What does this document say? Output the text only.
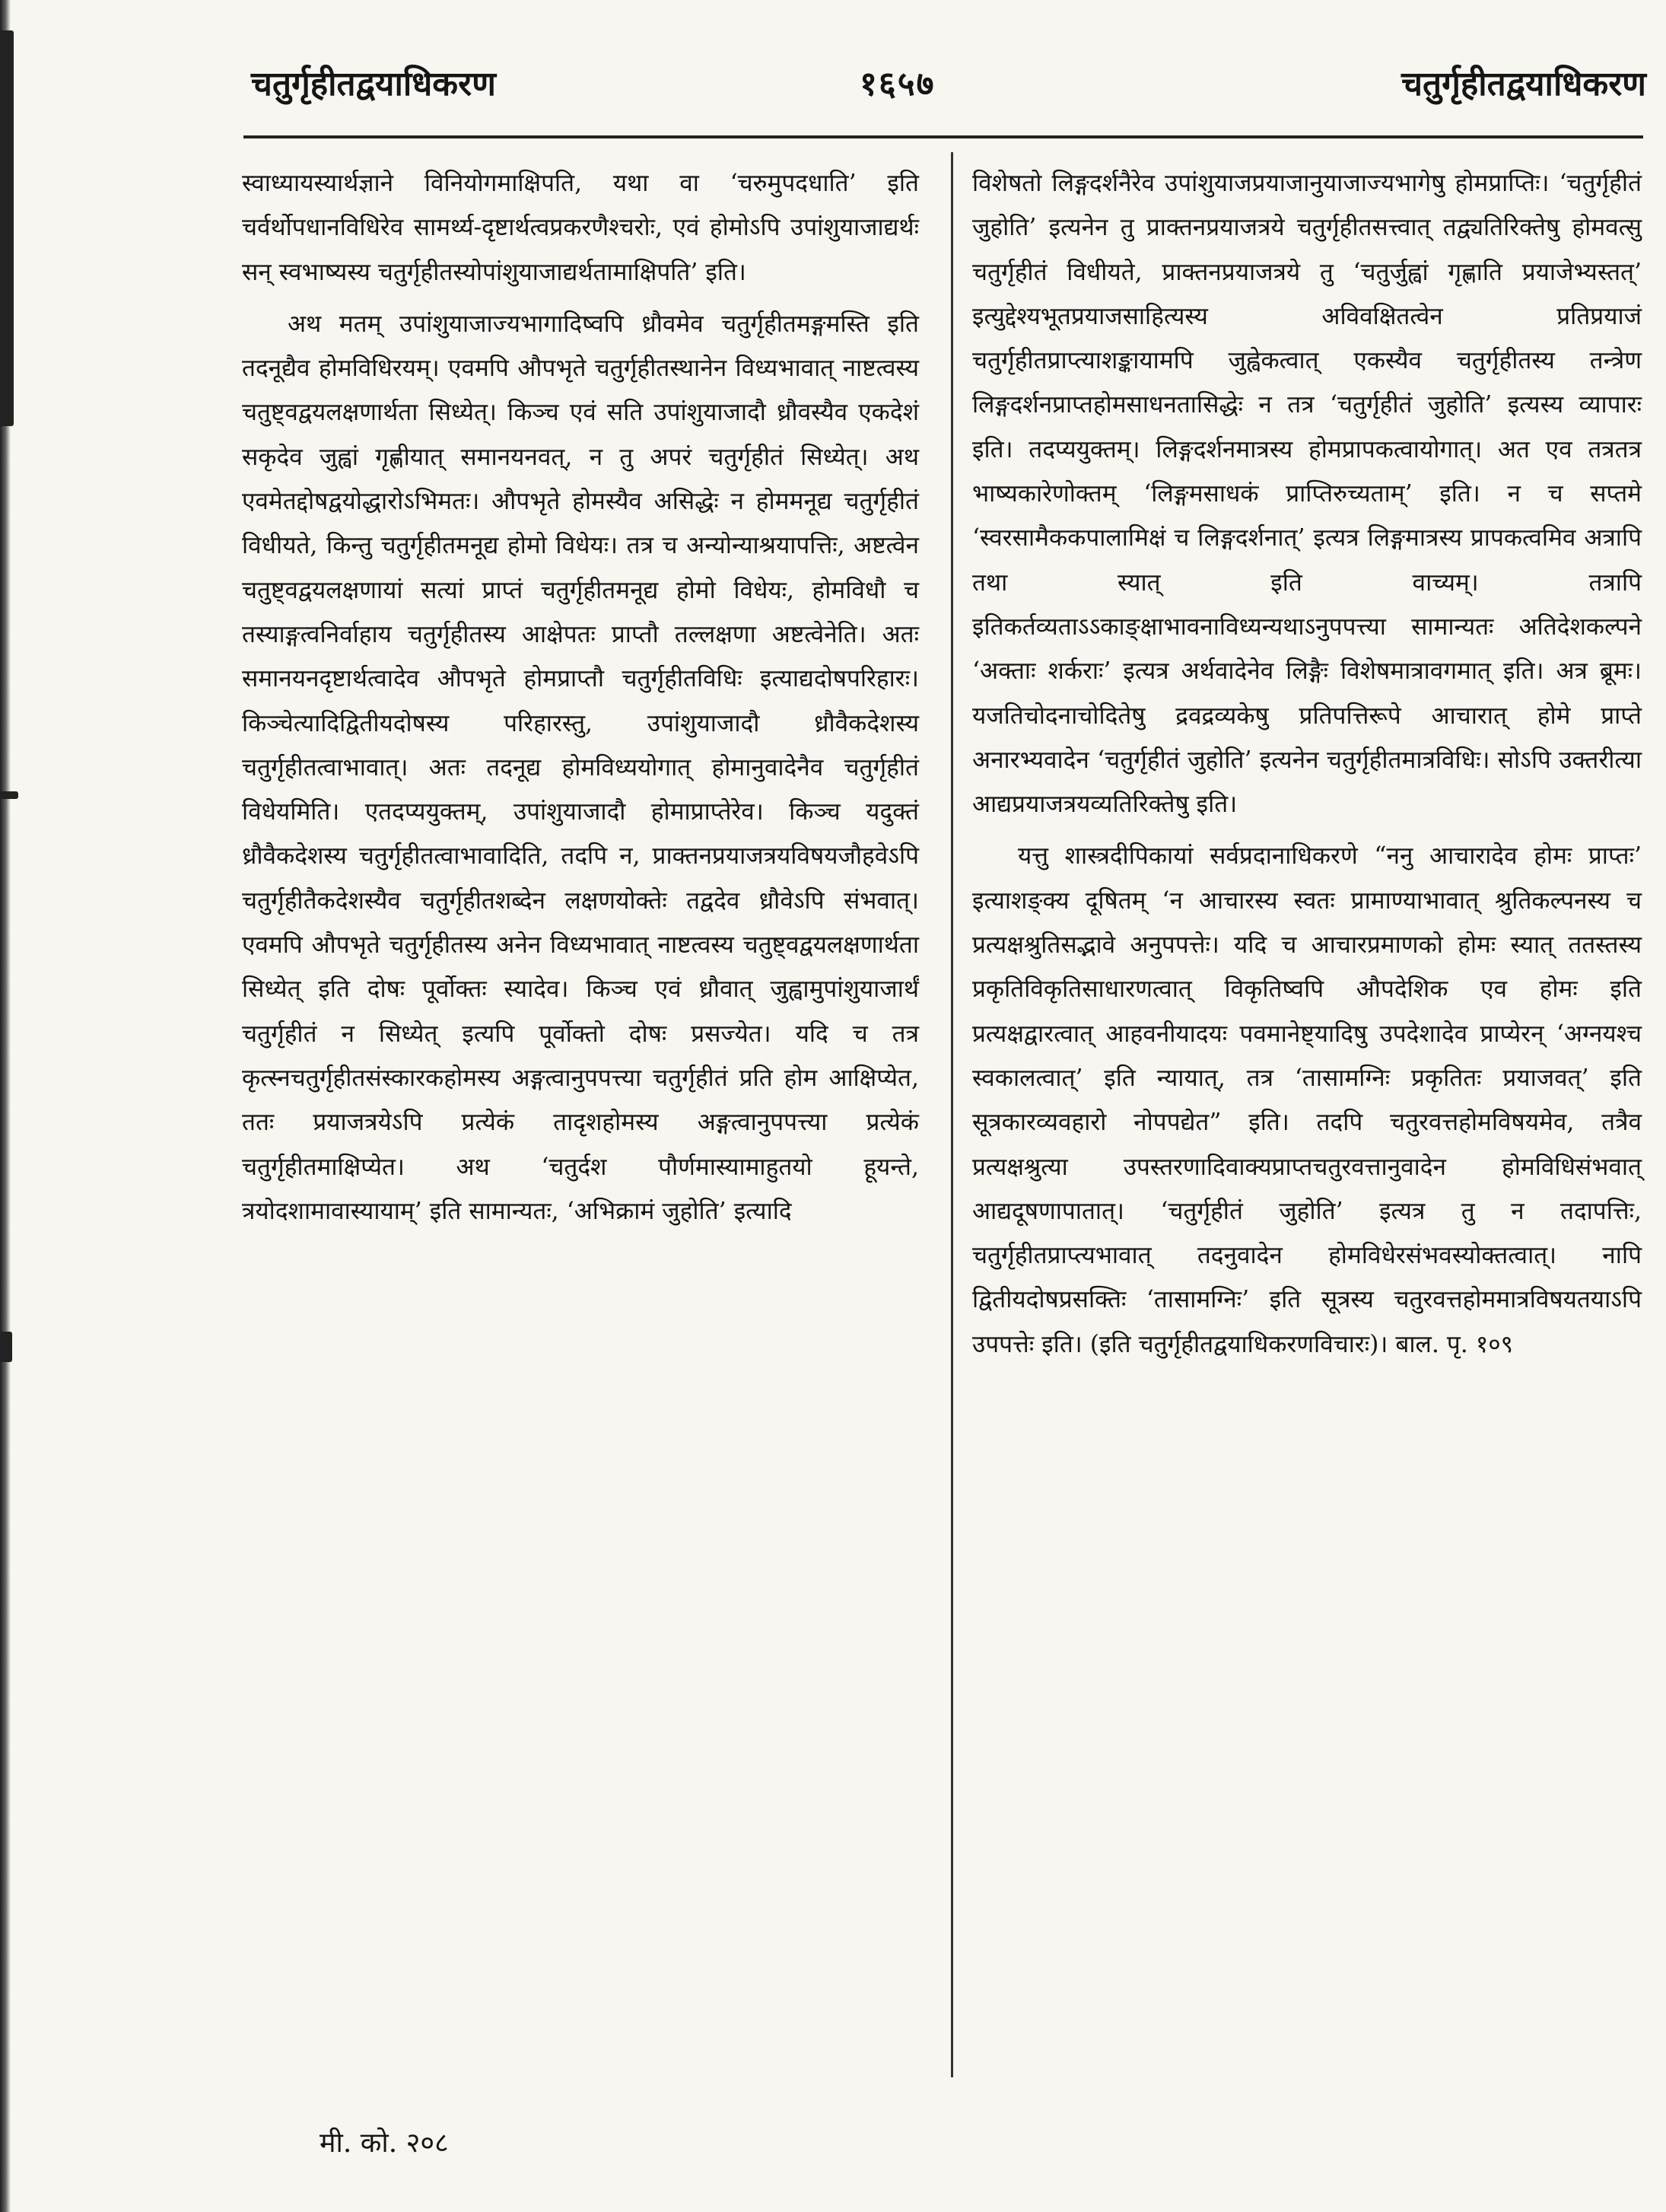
चतुर्गृहीतद्वयाधिकरण	१६५७	चतुर्गृहीतद्वयाधिकरण

स्वाध्यायस्यार्थज्ञाने विनियोगमाक्षिपति, यथा वा ‘चरुमुपदधाति’ इति चर्वर्थोपधानविधिरेव सामर्थ्य-दृष्टार्थत्वप्रकरणैश्चरोः, एवं होमोऽपि उपांशुयाजाद्यर्थः सन् स्वभाष्यस्य चतुर्गृहीतस्योपांशुयाजाद्यर्थतामाक्षिपति’ इति।

अथ मतम् उपांशुयाजाज्यभागादिष्वपि ध्रौवमेव चतुर्गृहीतमङ्गमस्ति इति तदनूद्यैव होमविधिरयम्। एवमपि औपभृते चतुर्गृहीतस्थानेन विध्यभावात् नाष्टत्वस्य चतुष्ट्वद्वयलक्षणार्थता सिध्येत्। किञ्च एवं सति उपांशुयाजादौ ध्रौवस्यैव एकदेशं सकृदेव जुह्वां गृह्णीयात् समानयनवत्, न तु अपरं चतुर्गृहीतं सिध्येत्। अथ एवमेतद्दोषद्वयोद्धारोऽभिमतः। औपभृते होमस्यैव असिद्धेः न होममनूद्य चतुर्गृहीतं विधीयते, किन्तु चतुर्गृहीतमनूद्य होमो विधेयः। तत्र च अन्योन्याश्रयापत्तिः, अष्टत्वेन चतुष्ट्वद्वयलक्षणायां सत्यां प्राप्तं चतुर्गृहीतमनूद्य होमो विधेयः, होमविधौ च तस्याङ्गत्वनिर्वाहाय चतुर्गृहीतस्य आक्षेपतः प्राप्तौ तल्लक्षणा अष्टत्वेनेति। अतः समानयनदृष्टार्थत्वादेव औपभृते होमप्राप्तौ चतुर्गृहीतविधिः इत्याद्यदोषपरिहारः। किञ्चेत्यादिद्वितीयदोषस्य परिहारस्तु, उपांशुयाजादौ ध्रौवैकदेशस्य चतुर्गृहीतत्वाभावात्। अतः तदनूद्य होमविध्ययोगात् होमानुवादेनैव चतुर्गृहीतं विधेयमिति। एतदप्ययुक्तम्, उपांशुयाजादौ होमाप्राप्तेरेव। किञ्च यदुक्तं ध्रौवैकदेशस्य चतुर्गृहीतत्वाभावादिति, तदपि न, प्राक्तनप्रयाजत्रयविषयजौहवेऽपि चतुर्गृहीतैकदेशस्यैव चतुर्गृहीतशब्देन लक्षणयोक्तेः तद्वदेव ध्रौवेऽपि संभवात्। एवमपि औपभृते चतुर्गृहीतस्य अनेन विध्यभावात् नाष्टत्वस्य चतुष्ट्वद्वयलक्षणार्थता सिध्येत् इति दोषः पूर्वोक्तः स्यादेव। किञ्च एवं ध्रौवात् जुह्वामुपांशुयाजार्थं चतुर्गृहीतं न सिध्येत् इत्यपि पूर्वोक्तो दोषः प्रसज्येत। यदि च तत्र कृत्स्नचतुर्गृहीतसंस्कारकहोमस्य अङ्गत्वानुपपत्त्या चतुर्गृहीतं प्रति होम आक्षिप्येत, ततः प्रयाजत्रयेऽपि प्रत्येकं तादृशहोमस्य अङ्गत्वानुपपत्त्या प्रत्येकं चतुर्गृहीतमाक्षिप्येत। अथ ‘चतुर्दश पौर्णमास्यामाहुतयो हूयन्ते, त्रयोदशामावास्यायाम्’ इति सामान्यतः, ‘अभिक्रामं जुहोति’ इत्यादि

विशेषतो लिङ्गदर्शनैरेव उपांशुयाजप्रयाजानुयाजाज्यभागेषु होमप्राप्तिः। ‘चतुर्गृहीतं जुहोति’ इत्यनेन तु प्राक्तनप्रयाजत्रये चतुर्गृहीतसत्त्वात् तद्व्यतिरिक्तेषु होमवत्सु चतुर्गृहीतं विधीयते, प्राक्तनप्रयाजत्रये तु ‘चतुर्जुह्वां गृह्णाति प्रयाजेभ्यस्तत्’ इत्युद्देश्यभूतप्रयाजसाहित्यस्य अविवक्षितत्वेन प्रतिप्रयाजं चतुर्गृहीतप्राप्त्याशङ्कायामपि जुह्वेकत्वात् एकस्यैव चतुर्गृहीतस्य तन्त्रेण लिङ्गदर्शनप्राप्तहोमसाधनतासिद्धेः न तत्र ‘चतुर्गृहीतं जुहोति’ इत्यस्य व्यापारः इति। तदप्ययुक्तम्। लिङ्गदर्शनमात्रस्य होमप्रापकत्वायोगात्। अत एव तत्रतत्र भाष्यकारेणोक्तम् ‘लिङ्गमसाधकं प्राप्तिरुच्यताम्’ इति। न च सप्तमे ‘स्वरसामैककपालामिक्षं च लिङ्गदर्शनात्’ इत्यत्र लिङ्गमात्रस्य प्रापकत्वमिव अत्रापि तथा स्यात् इति वाच्यम्। तत्रापि इतिकर्तव्यताऽऽकाङ्क्षाभावनाविध्यन्यथाऽनुपपत्त्या सामान्यतः अतिदेशकल्पने ‘अक्ताः शर्कराः’ इत्यत्र अर्थवादेनेव लिङ्गैः विशेषमात्रावगमात् इति। अत्र ब्रूमः। यजतिचोदनाचोदितेषु द्रवद्रव्यकेषु प्रतिपत्तिरूपे आचारात् होमे प्राप्ते अनारभ्यवादेन ‘चतुर्गृहीतं जुहोति’ इत्यनेन चतुर्गृहीतमात्रविधिः। सोऽपि उक्तरीत्या आद्यप्रयाजत्रयव्यतिरिक्तेषु इति।

यत्तु शास्त्रदीपिकायां सर्वप्रदानाधिकरणे “ननु आचारादेव होमः प्राप्तः’ इत्याशङ्क्य दूषितम् ‘न आचारस्य स्वतः प्रामाण्याभावात् श्रुतिकल्पनस्य च प्रत्यक्षश्रुतिसद्भावे अनुपपत्तेः। यदि च आचारप्रमाणको होमः स्यात् ततस्तस्य प्रकृतिविकृतिसाधारणत्वात् विकृतिष्वपि औपदेशिक एव होमः इति प्रत्यक्षद्वारत्वात् आहवनीयादयः पवमानेष्ट्यादिषु उपदेशादेव प्राप्येरन् ‘अग्नयश्च स्वकालत्वात्’ इति न्यायात्, तत्र ‘तासामग्निः प्रकृतितः प्रयाजवत्’ इति सूत्रकारव्यवहारो नोपपद्येत” इति। तदपि चतुरवत्तहोमविषयमेव, तत्रैव प्रत्यक्षश्रुत्या उपस्तरणादिवाक्यप्राप्तचतुरवत्तानुवादेन होमविधिसंभवात् आद्यदूषणापातात्। ‘चतुर्गृहीतं जुहोति’ इत्यत्र तु न तदापत्तिः, चतुर्गृहीतप्राप्त्यभावात् तदनुवादेन होमविधेरसंभवस्योक्तत्वात्। नापि द्वितीयदोषप्रसक्तिः ‘तासामग्निः’ इति सूत्रस्य चतुरवत्तहोममात्रविषयतयाऽपि उपपत्तेः इति। (इति चतुर्गृहीतद्वयाधिकरणविचारः)। बाल. पृ. १०९

मी. को. २०८
